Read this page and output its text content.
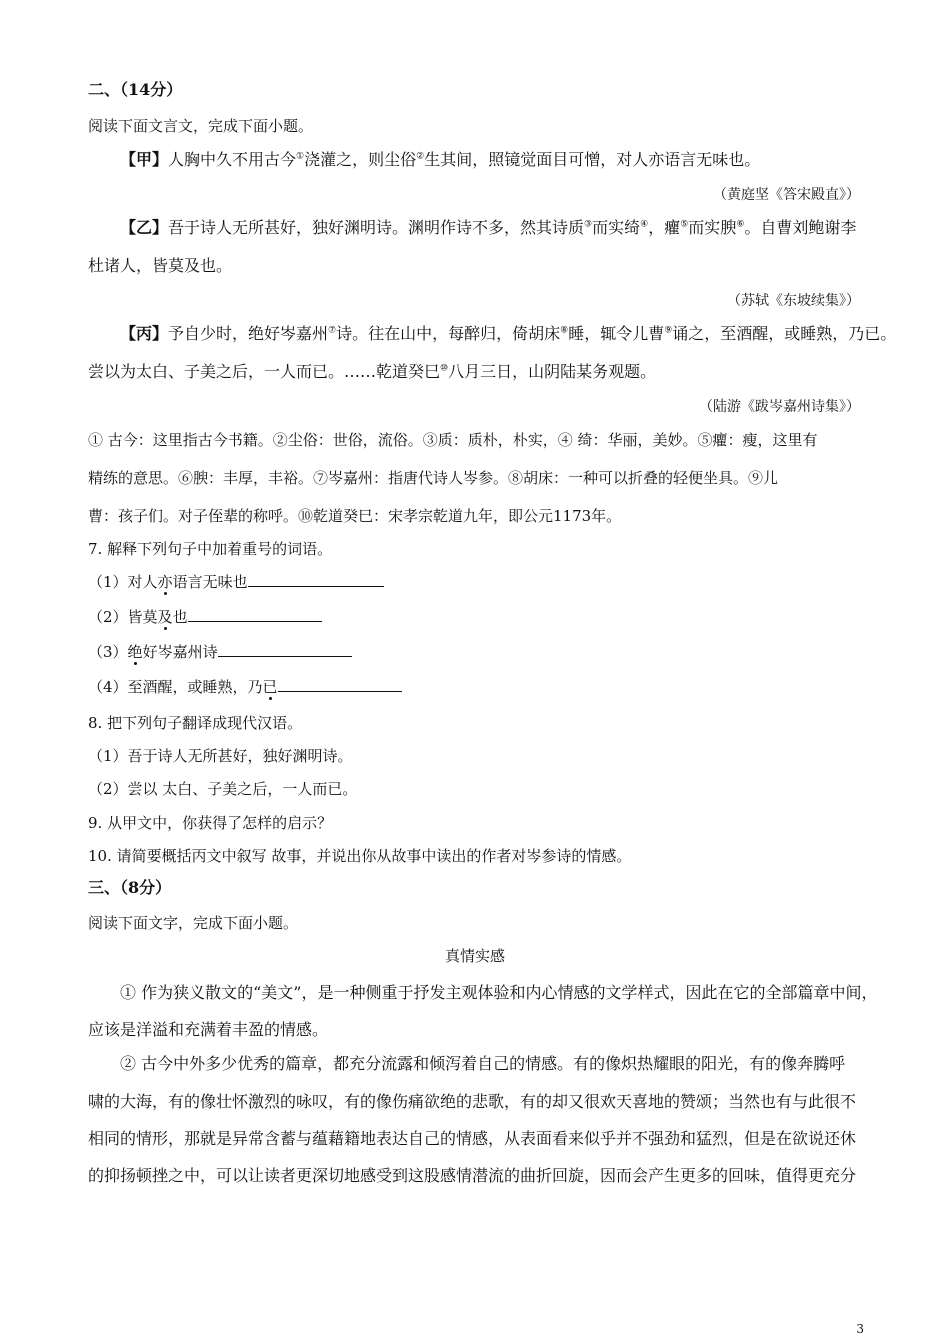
二、（14分）
阅读下面文言文，完成下面小题。
【甲】人胸中久不用古今①浇灌之，则尘俗②生其间，照镜觉面目可憎，对人亦语言无味也。
（黄庭坚《答宋殿直》）
【乙】吾于诗人无所甚好，独好渊明诗。渊明作诗不多，然其诗质③而实绮④，癯⑤而实腴⑥。自曹刘鲍谢李
杜诸人，皆莫及也。
（苏轼《东坡续集》）
【丙】予自少时，绝好岑嘉州⑦诗。往在山中，每醉归，倚胡床⑧睡，辄令儿曹⑨诵之，至酒醒，或睡熟，乃已。
尝以为太白、子美之后，一人而已。……乾道癸巳⑩八月三日，山阴陆某务观题。
（陆游《跋岑嘉州诗集》）
① 古今：这里指古今书籍。②尘俗：世俗，流俗。③质：质朴，朴实，④ 绮：华丽，美妙。⑤癯：瘦，这里有
精练的意思。⑥腴：丰厚，丰裕。⑦岑嘉州：指唐代诗人岑参。⑧胡床：一种可以折叠的轻便坐具。⑨儿
曹：孩子们。对子侄辈的称呼。⑩乾道癸巳：宋孝宗乾道九年，即公元1173年。
7. 解释下列句子中加着重号的词语。
（1）对人亦语言无味也
（2）皆莫及也
（3）绝好岑嘉州诗
（4）至酒醒，或睡熟，乃已
8. 把下列句子翻译成现代汉语。
（1）吾于诗人无所甚好，独好渊明诗。
（2）尝以 太白、子美之后，一人而已。
9. 从甲文中，你获得了怎样的启示？
10. 请简要概括丙文中叙写 故事，并说出你从故事中读出的作者对岑参诗的情感。
三、（8分）
阅读下面文字，完成下面小题。
真情实感
① 作为狭义散文的“美文”，是一种侧重于抒发主观体验和内心情感的文学样式，因此在它的全部篇章中间，
应该是洋溢和充满着丰盈的情感。
② 古今中外多少优秀的篇章，都充分流露和倾泻着自己的情感。有的像炽热耀眼的阳光，有的像奔腾呼
啸的大海，有的像壮怀激烈的咏叹，有的像伤痛欲绝的悲歌，有的却又很欢天喜地的赞颂；当然也有与此很不
相同的情形，那就是异常含蓄与蕴藉籍地表达自己的情感，从表面看来似乎并不强劲和猛烈，但是在欲说还休
的抑扬顿挫之中，可以让读者更深切地感受到这股感情潜流的曲折回旋，因而会产生更多的回味，值得更充分
3
